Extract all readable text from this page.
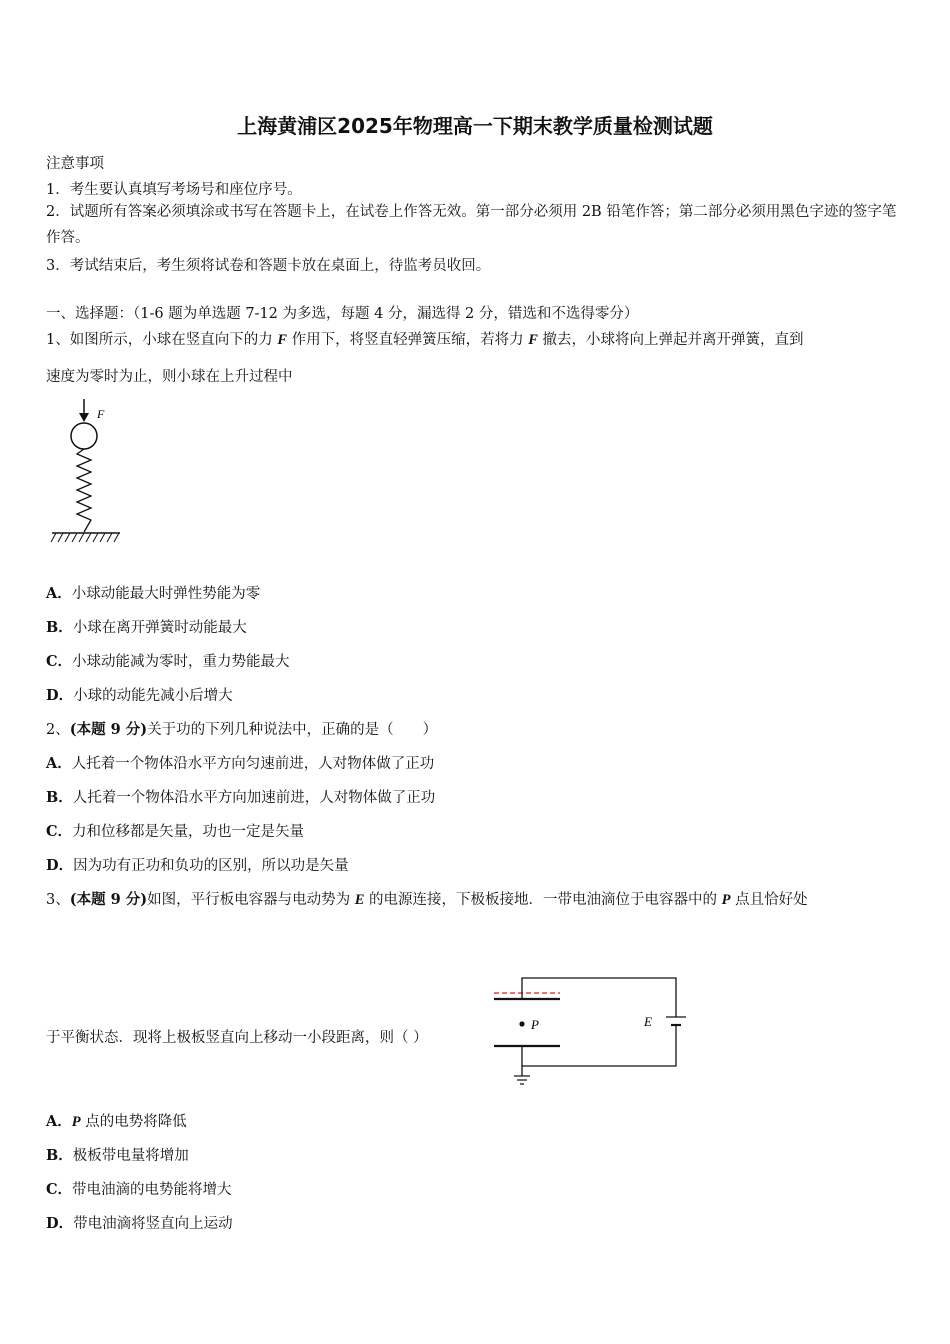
上海黄浦区2025年物理高一下期末教学质量检测试题
注意事项
1．考生要认真填写考场号和座位序号。
2．试题所有答案必须填涂或书写在答题卡上，在试卷上作答无效。第一部分必须用 2B 铅笔作答；第二部分必须用黑色字迹的签字笔作答。
3．考试结束后，考生须将试卷和答题卡放在桌面上，待监考员收回。
一、选择题：（1-6 题为单选题 7-12 为多选，每题 4 分，漏选得 2 分，错选和不选得零分）
1、如图所示，小球在竖直向下的力 F 作用下，将竖直轻弹簧压缩，若将力 F 撤去，小球将向上弹起并离开弹簧，直到
速度为零时为止，则小球在上升过程中
F
A．小球动能最大时弹性势能为零
B．小球在离开弹簧时动能最大
C．小球动能减为零时，重力势能最大
D．小球的动能先减小后增大
2、(本题 9 分)关于功的下列几种说法中，正确的是（　　）
A．人托着一个物体沿水平方向匀速前进，人对物体做了正功
B．人托着一个物体沿水平方向加速前进，人对物体做了正功
C．力和位移都是矢量，功也一定是矢量
D．因为功有正功和负功的区别，所以功是矢量
3、(本题 9 分)如图，平行板电容器与电动势为 E 的电源连接，下极板接地．一带电油滴位于电容器中的 P 点且恰好处
于平衡状态．现将上极板竖直向上移动一小段距离，则（ ）
E
P
A．P 点的电势将降低
B．极板带电量将增加
C．带电油滴的电势能将增大
D．带电油滴将竖直向上运动
